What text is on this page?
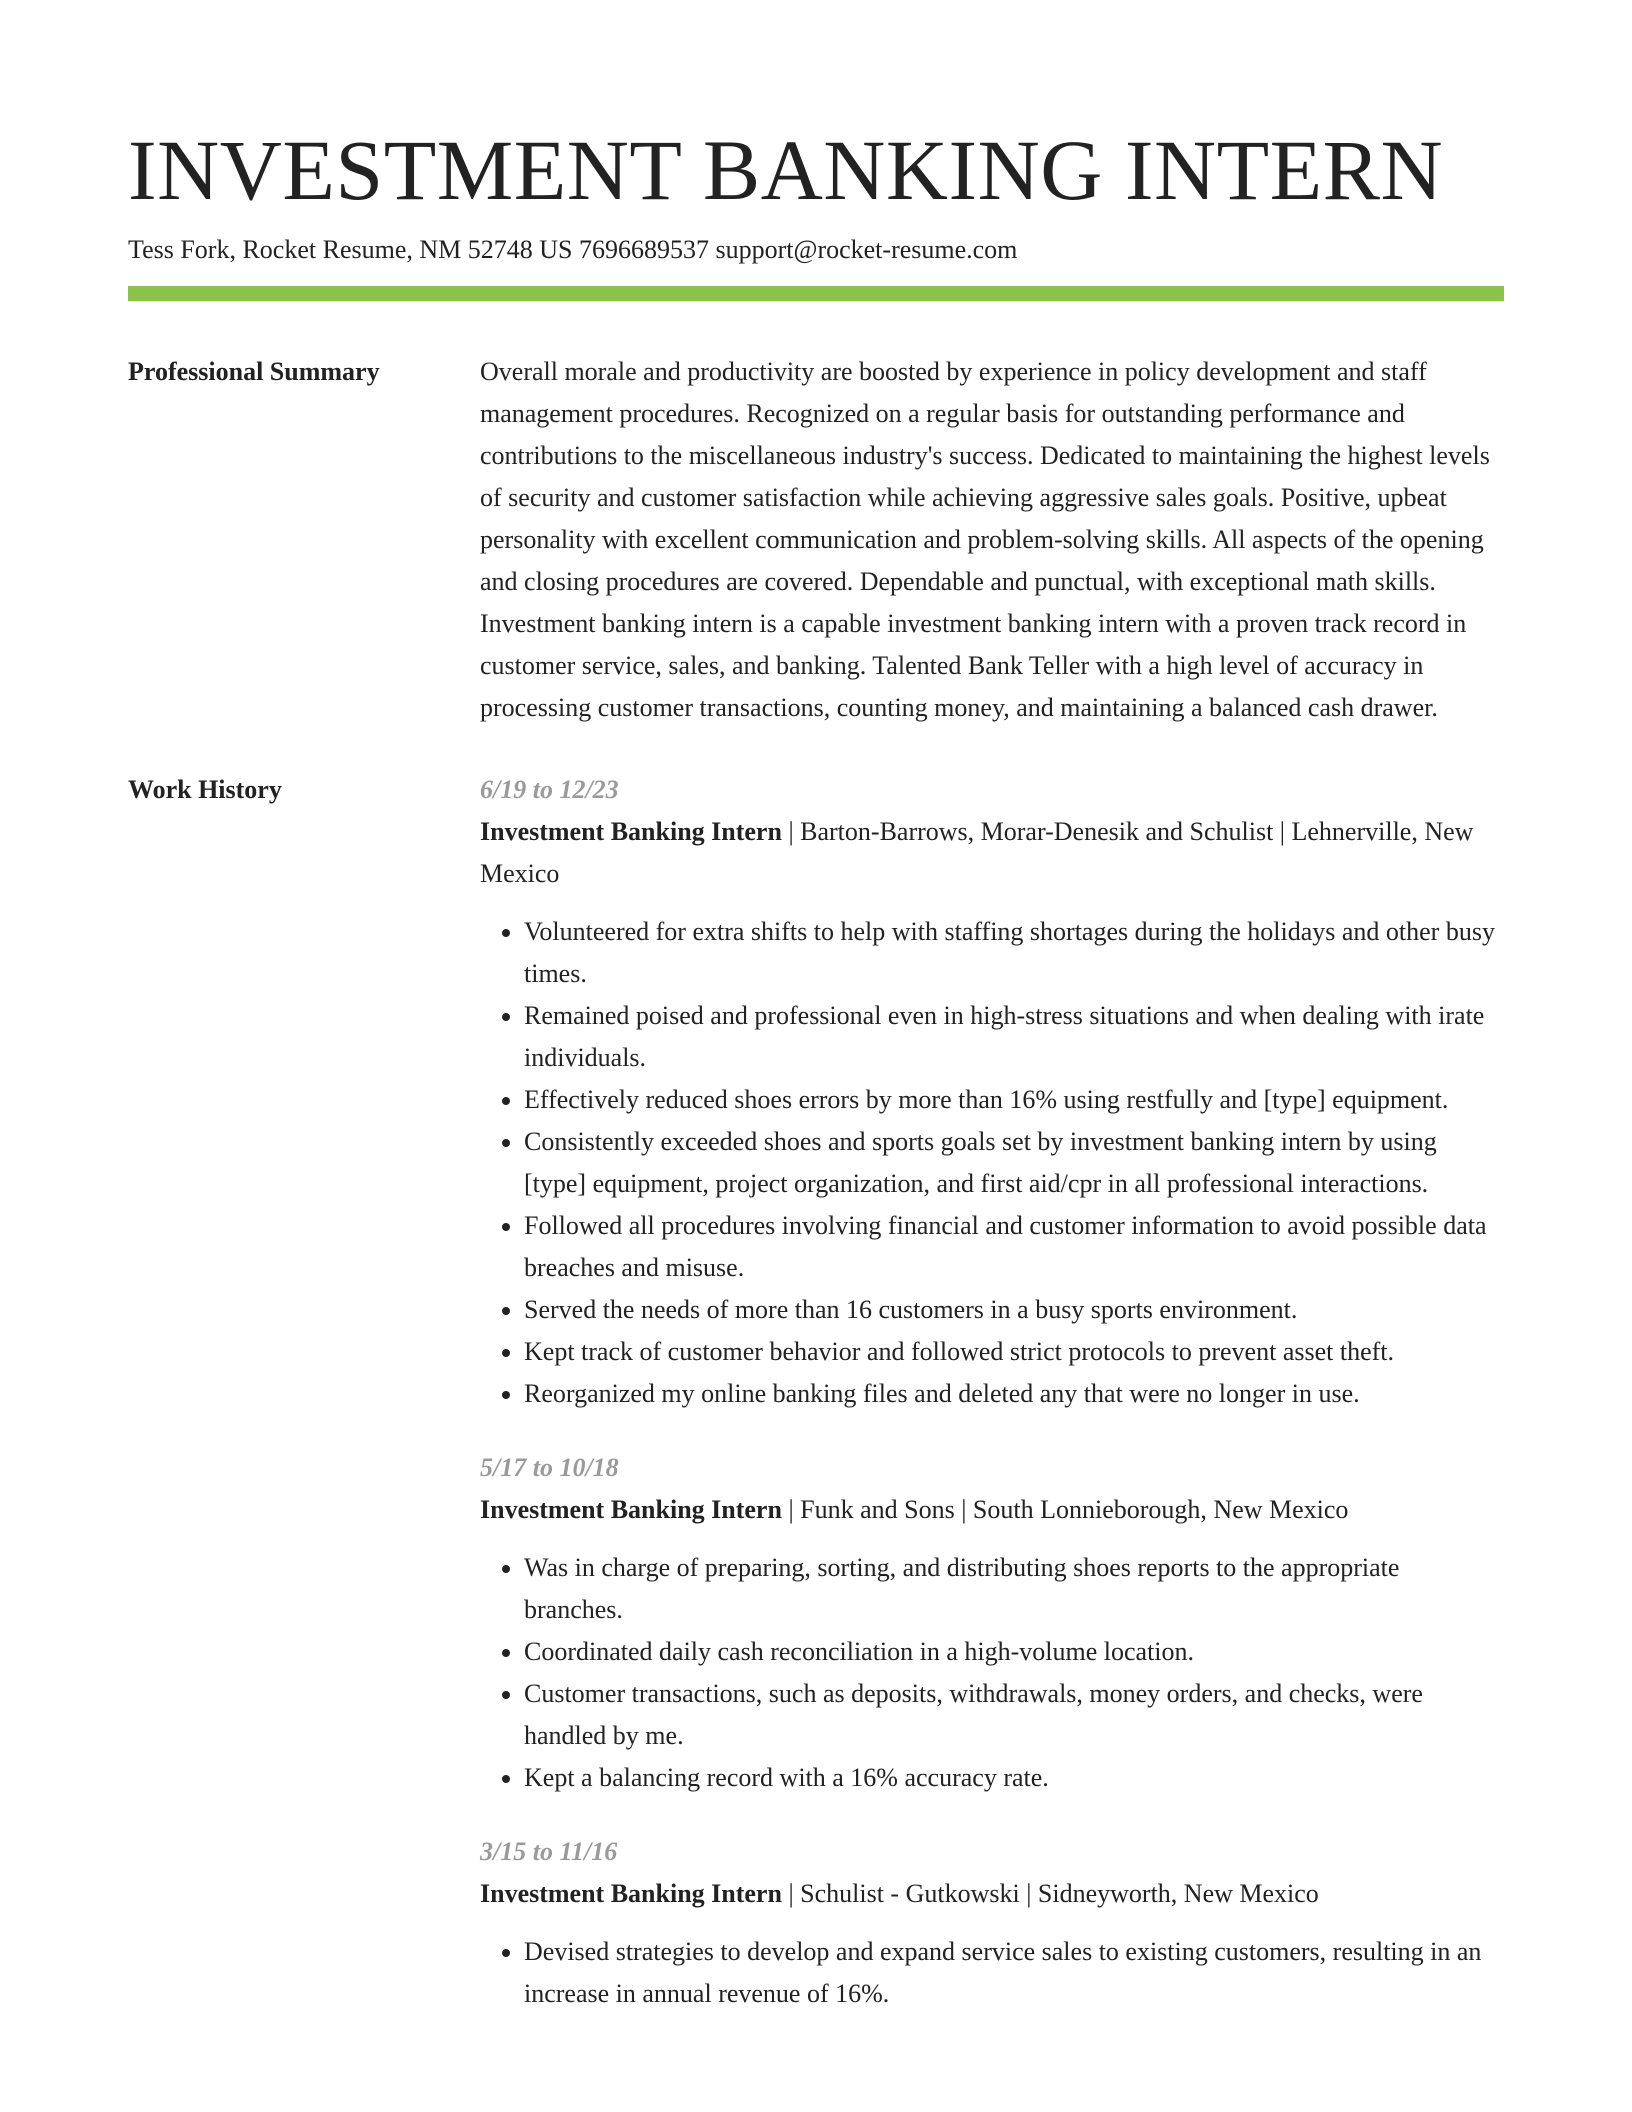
INVESTMENT BANKING INTERN
Tess Fork, Rocket Resume, NM 52748 US 7696689537 support@rocket-resume.com
Professional Summary	Overall morale and productivity are boosted by experience in policy development and staff management procedures. Recognized on a regular basis for outstanding performance and contributions to the miscellaneous industry's success. Dedicated to maintaining the highest levels of security and customer satisfaction while achieving aggressive sales goals. Positive, upbeat personality with excellent communication and problem-solving skills. All aspects of the opening and closing procedures are covered. Dependable and punctual, with exceptional math skills. Investment banking intern is a capable investment banking intern with a proven track record in customer service, sales, and banking. Talented Bank Teller with a high level of accuracy in processing customer transactions, counting money, and maintaining a balanced cash drawer.

Work History	6/19 to 12/23
Investment Banking Intern | Barton-Barrows, Morar-Denesik and Schulist | Lehnerville, New Mexico
• Volunteered for extra shifts to help with staffing shortages during the holidays and other busy times.
• Remained poised and professional even in high-stress situations and when dealing with irate individuals.
• Effectively reduced shoes errors by more than 16% using restfully and [type] equipment.
• Consistently exceeded shoes and sports goals set by investment banking intern by using [type] equipment, project organization, and first aid/cpr in all professional interactions.
• Followed all procedures involving financial and customer information to avoid possible data breaches and misuse.
• Served the needs of more than 16 customers in a busy sports environment.
• Kept track of customer behavior and followed strict protocols to prevent asset theft.
• Reorganized my online banking files and deleted any that were no longer in use.
5/17 to 10/18
Investment Banking Intern | Funk and Sons | South Lonnieborough, New Mexico
• Was in charge of preparing, sorting, and distributing shoes reports to the appropriate branches.
• Coordinated daily cash reconciliation in a high-volume location.
• Customer transactions, such as deposits, withdrawals, money orders, and checks, were handled by me.
• Kept a balancing record with a 16% accuracy rate.
3/15 to 11/16
Investment Banking Intern | Schulist - Gutkowski | Sidneyworth, New Mexico
• Devised strategies to develop and expand service sales to existing customers, resulting in an increase in annual revenue of 16%.
